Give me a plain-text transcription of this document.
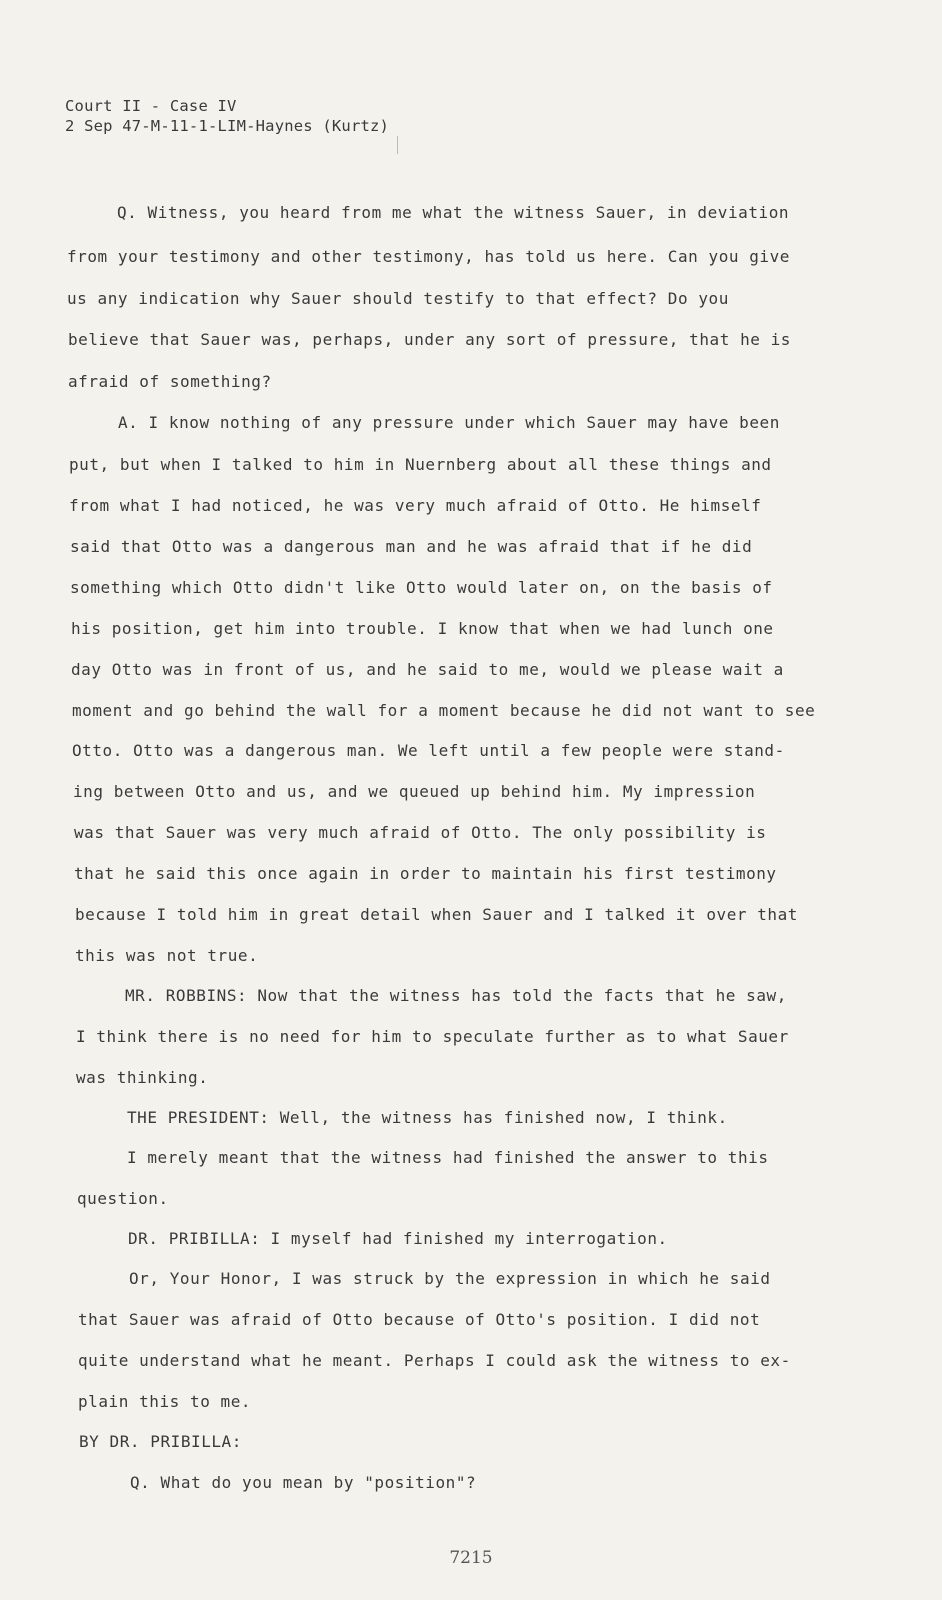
Court II - Case IV
2 Sep 47-M-11-1-LIM-Haynes (Kurtz)
Q. Witness, you heard from me what the witness Sauer, in deviation
from your testimony and other testimony, has told us here. Can you give
us any indication why Sauer should testify to that effect? Do you
believe that Sauer was, perhaps, under any sort of pressure, that he is
afraid of something?
A. I know nothing of any pressure under which Sauer may have been
put, but when I talked to him in Nuernberg about all these things and
from what I had noticed, he was very much afraid of Otto. He himself
said that Otto was a dangerous man and he was afraid that if he did
something which Otto didn't like Otto would later on, on the basis of
his position, get him into trouble. I know that when we had lunch one
day Otto was in front of us, and he said to me, would we please wait a
moment and go behind the wall for a moment because he did not want to see
Otto. Otto was a dangerous man. We left until a few people were stand-
ing between Otto and us, and we queued up behind him. My impression
was that Sauer was very much afraid of Otto. The only possibility is
that he said this once again in order to maintain his first testimony
because I told him in great detail when Sauer and I talked it over that
this was not true.
MR. ROBBINS: Now that the witness has told the facts that he saw,
I think there is no need for him to speculate further as to what Sauer
was thinking.
THE PRESIDENT: Well, the witness has finished now, I think.
I merely meant that the witness had finished the answer to this
question.
DR. PRIBILLA: I myself had finished my interrogation.
Or, Your Honor, I was struck by the expression in which he said
that Sauer was afraid of Otto because of Otto's position. I did not
quite understand what he meant. Perhaps I could ask the witness to ex-
plain this to me.
BY DR. PRIBILLA:
Q. What do you mean by "position"?
7215
